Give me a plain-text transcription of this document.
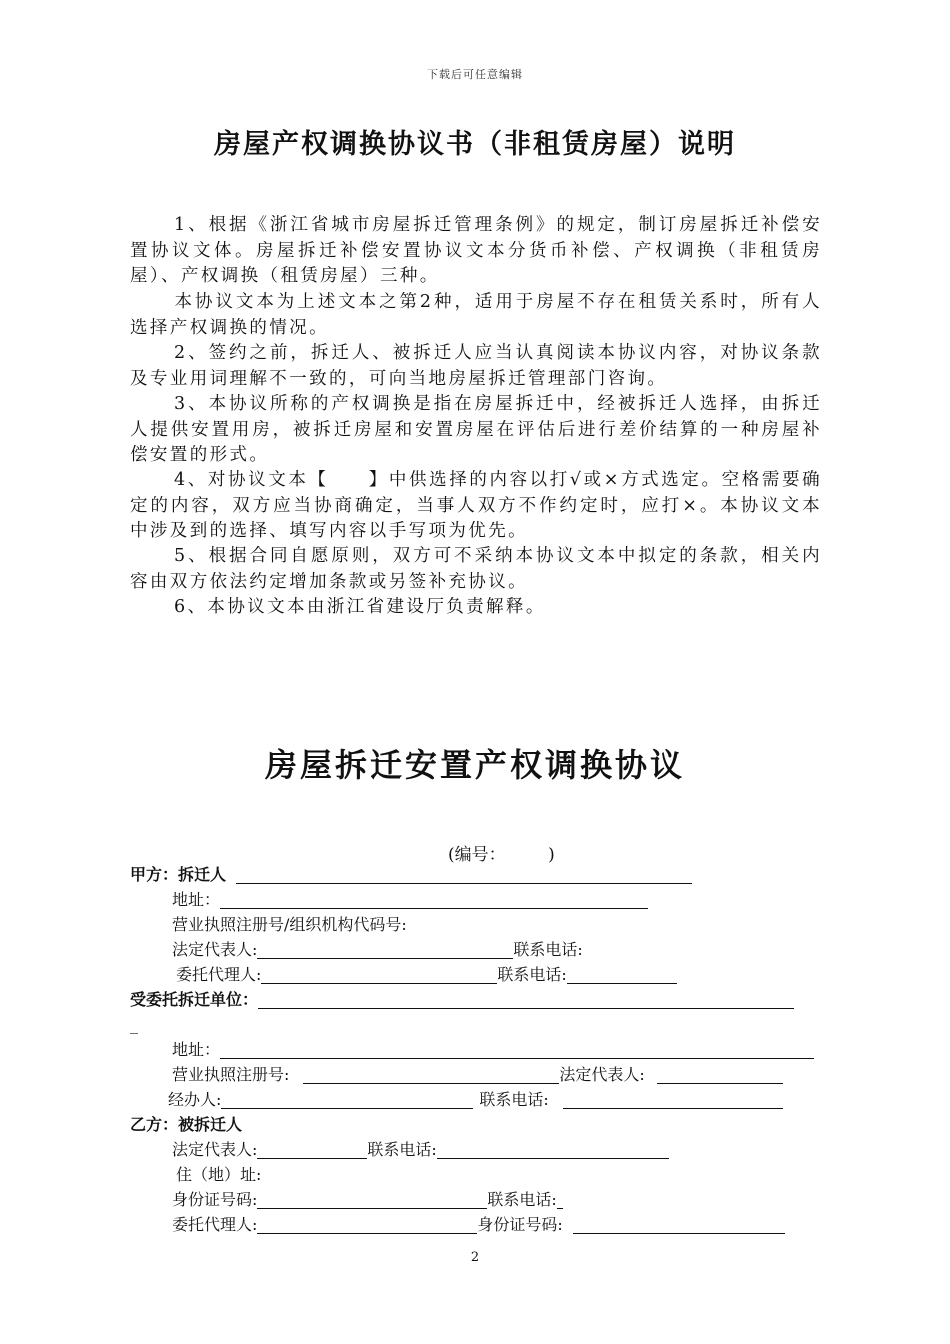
下载后可任意编辑
房屋产权调换协议书（非租赁房屋）说明

1、根据《浙江省城市房屋拆迁管理条例》的规定，制订房屋拆迁补偿安置协议文体。房屋拆迁补偿安置协议文本分货币补偿、产权调换（非租赁房屋）、产权调换（租赁房屋）三种。

本协议文本为上述文本之第2种，适用于房屋不存在租赁关系时，所有人选择产权调换的情况。

2、签约之前，拆迁人、被拆迁人应当认真阅读本协议内容，对协议条款及专业用词理解不一致的，可向当地房屋拆迁管理部门咨询。

3、本协议所称的产权调换是指在房屋拆迁中，经被拆迁人选择，由拆迁人提供安置用房，被拆迁房屋和安置房屋在评估后进行差价结算的一种房屋补偿安置的形式。

4、对协议文本【　　】中供选择的内容以打√或×方式选定。空格需要确定的内容，双方应当协商确定，当事人双方不作约定时，应打×。本协议文本中涉及到的选择、填写内容以手写项为优先。

5、根据合同自愿原则，双方可不采纳本协议文本中拟定的条款，相关内容由双方依法约定增加条款或另签补充协议。

6、本协议文本由浙江省建设厅负责解释。

房屋拆迁安置产权调换协议
(编号：　　　)
甲方：拆迁人
地址：
营业执照注册号/组织机构代码号:
法定代表人:	联系电话:
委托代理人:	联系电话:
受委托拆迁单位：
_
地址：
营业执照注册号:	法定代表人:
经办人:	联系电话:
乙方：被拆迁人
法定代表人:	联系电话:
住（地）址:
身份证号码:	联系电话:
委托代理人:	身份证号码:
2
